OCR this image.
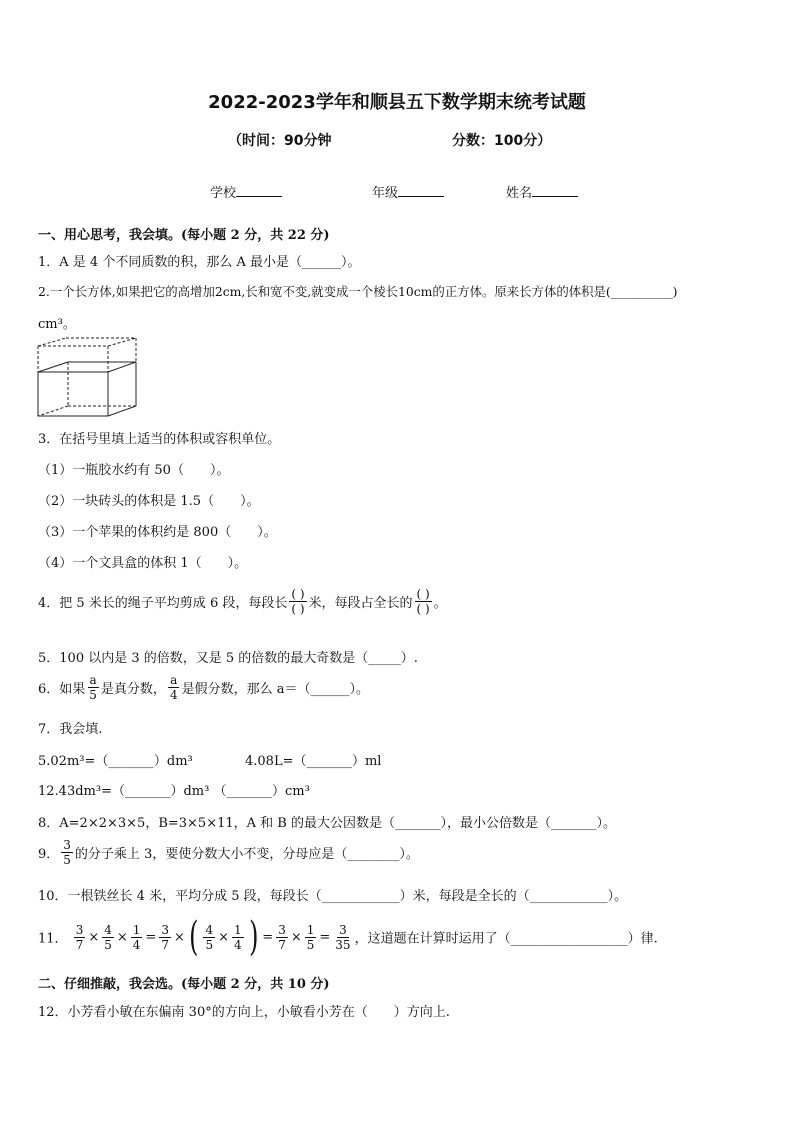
2022-2023学年和顺县五下数学期末统考试题
（时间：90分钟	分数：100分）
学校	年级	姓名
一、用心思考，我会填。(每小题 2 分，共 22 分)
1．A 是 4 个不同质数的积，那么 A 最小是（______）。
2.一个长方体,如果把它的高增加2cm,长和宽不变,就变成一个棱长10cm的正方体。原来长方体的体积是(__________)
cm³。
3．在括号里填上适当的体积或容积单位。
（1）一瓶胶水约有 50（　　）。
（2）一块砖头的体积是 1.5（　　）。
（3）一个苹果的体积约是 800（　　）。
（4）一个文具盒的体积 1（　　）。
4．把 5 米长的绳子平均剪成 6 段，每段长 $\frac{( )}{( )}$ 米，每段占全长的 $\frac{( )}{( )}$ 。
5．100 以内是 3 的倍数，又是 5 的倍数的最大奇数是（_____）.
6．如果 $\frac{a}{5}$ 是真分数， $\frac{a}{4}$ 是假分数，那么 a＝（______）。
7．我会填.
5.02m³=（_______）dm³	4.08L=（_______）ml
12.43dm³=（_______）dm³ （_______）cm³
8．A=2×2×3×5，B=3×5×11，A 和 B 的最大公因数是（_______），最小公倍数是（_______）。
9． $\frac{3}{5}$ 的分子乘上 3，要使分数大小不变，分母应是（________）。
10．一根铁丝长 4 米，平均分成 5 段，每段长（____________）米，每段是全长的（____________）。
11． $\frac{3}{7} \times \frac{4}{5} \times \frac{1}{4} = \frac{3}{7}$ × ( $\frac{4}{5} \times \frac{1}{4}$ ) = $\frac{3}{7} \times \frac{1}{5} = \frac{3}{35}$ ，这道题在计算时运用了（__________________）律.
二、仔细推敲，我会选。(每小题 2 分，共 10 分)
12．小芳看小敏在东偏南 30°的方向上，小敏看小芳在（　　）方向上.
